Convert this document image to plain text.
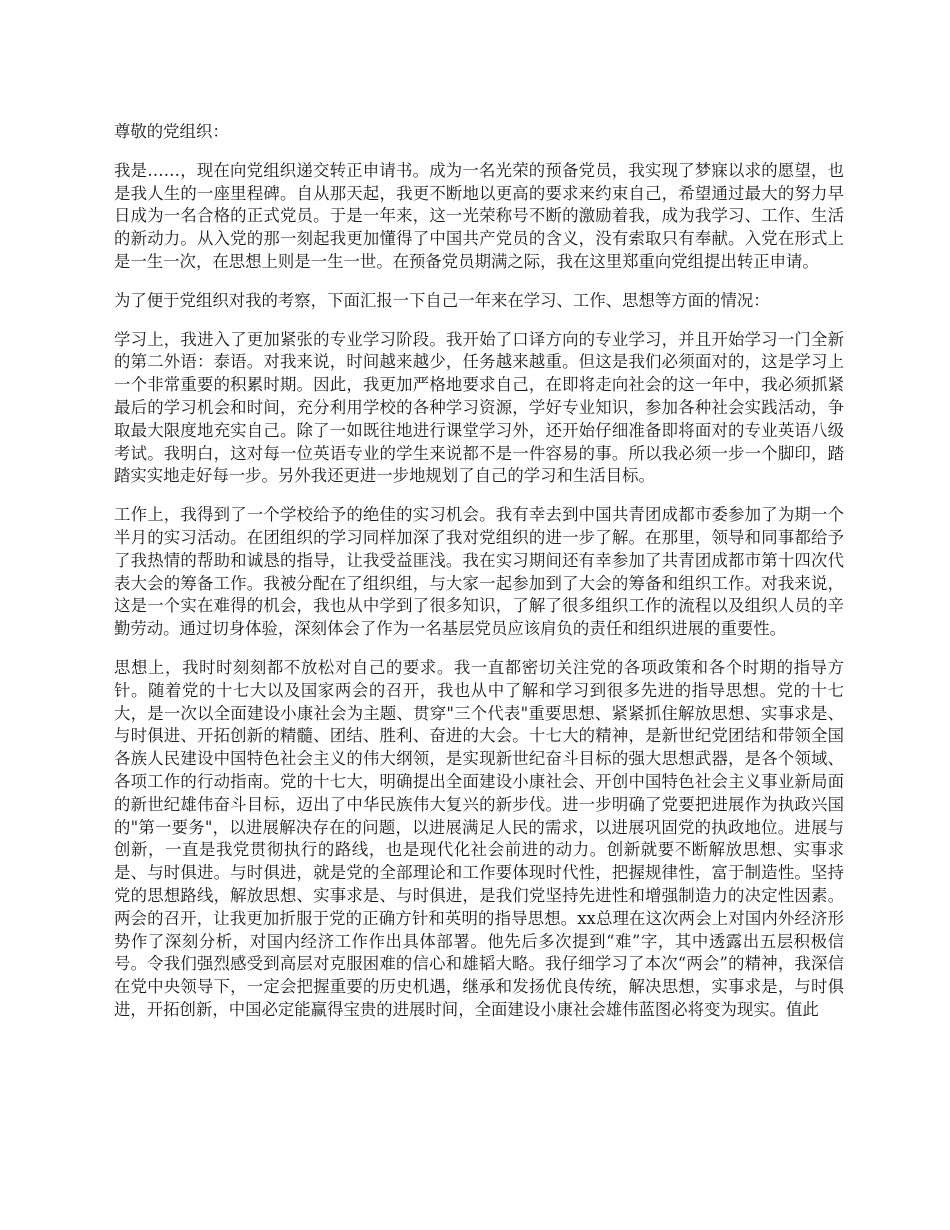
尊敬的党组织：

我是……，现在向党组织递交转正申请书。成为一名光荣的预备党员，我实现了梦寐以求的愿望，也是我人生的一座里程碑。自从那天起，我更不断地以更高的要求来约束自己，希望通过最大的努力早日成为一名合格的正式党员。于是一年来，这一光荣称号不断的激励着我，成为我学习、工作、生活的新动力。从入党的那一刻起我更加懂得了中国共产党员的含义，没有索取只有奉献。入党在形式上是一生一次，在思想上则是一生一世。在预备党员期满之际，我在这里郑重向党组提出转正申请。

为了便于党组织对我的考察，下面汇报一下自己一年来在学习、工作、思想等方面的情况：

学习上，我进入了更加紧张的专业学习阶段。我开始了口译方向的专业学习，并且开始学习一门全新的第二外语：泰语。对我来说，时间越来越少，任务越来越重。但这是我们必须面对的，这是学习上一个非常重要的积累时期。因此，我更加严格地要求自己，在即将走向社会的这一年中，我必须抓紧最后的学习机会和时间，充分利用学校的各种学习资源，学好专业知识，参加各种社会实践活动，争取最大限度地充实自己。除了一如既往地进行课堂学习外，还开始仔细准备即将面对的专业英语八级考试。我明白，这对每一位英语专业的学生来说都不是一件容易的事。所以我必须一步一个脚印，踏踏实实地走好每一步。另外我还更进一步地规划了自己的学习和生活目标。

工作上，我得到了一个学校给予的绝佳的实习机会。我有幸去到中国共青团成都市委参加了为期一个半月的实习活动。在团组织的学习同样加深了我对党组织的进一步了解。在那里，领导和同事都给予了我热情的帮助和诚恳的指导，让我受益匪浅。我在实习期间还有幸参加了共青团成都市第十四次代表大会的筹备工作。我被分配在了组织组，与大家一起参加到了大会的筹备和组织工作。对我来说，这是一个实在难得的机会，我也从中学到了很多知识，了解了很多组织工作的流程以及组织人员的辛勤劳动。通过切身体验，深刻体会了作为一名基层党员应该肩负的责任和组织进展的重要性。

思想上，我时时刻刻都不放松对自己的要求。我一直都密切关注党的各项政策和各个时期的指导方针。随着党的十七大以及国家两会的召开，我也从中了解和学习到很多先进的指导思想。党的十七大，是一次以全面建设小康社会为主题、贯穿"三个代表"重要思想、紧紧抓住解放思想、实事求是、与时俱进、开拓创新的精髓、团结、胜利、奋进的大会。十七大的精神，是新世纪党团结和带领全国各族人民建设中国特色社会主义的伟大纲领，是实现新世纪奋斗目标的强大思想武器，是各个领域、各项工作的行动指南。党的十七大，明确提出全面建设小康社会、开创中国特色社会主义事业新局面的新世纪雄伟奋斗目标，迈出了中华民族伟大复兴的新步伐。进一步明确了党要把进展作为执政兴国的"第一要务"，以进展解决存在的问题，以进展满足人民的需求，以进展巩固党的执政地位。进展与创新，一直是我党贯彻执行的路线，也是现代化社会前进的动力。创新就要不断解放思想、实事求是、与时俱进。与时俱进，就是党的全部理论和工作要体现时代性，把握规律性，富于制造性。坚持党的思想路线，解放思想、实事求是、与时俱进，是我们党坚持先进性和增强制造力的决定性因素。两会的召开，让我更加折服于党的正确方针和英明的指导思想。xx总理在这次两会上对国内外经济形势作了深刻分析，对国内经济工作作出具体部署。他先后多次提到“难”字，其中透露出五层积极信号。令我们强烈感受到高层对克服困难的信心和雄韬大略。我仔细学习了本次“两会”的精神，我深信在党中央领导下，一定会把握重要的历史机遇，继承和发扬优良传统，解决思想，实事求是，与时俱进，开拓创新，中国必定能赢得宝贵的进展时间，全面建设小康社会雄伟蓝图必将变为现实。值此
